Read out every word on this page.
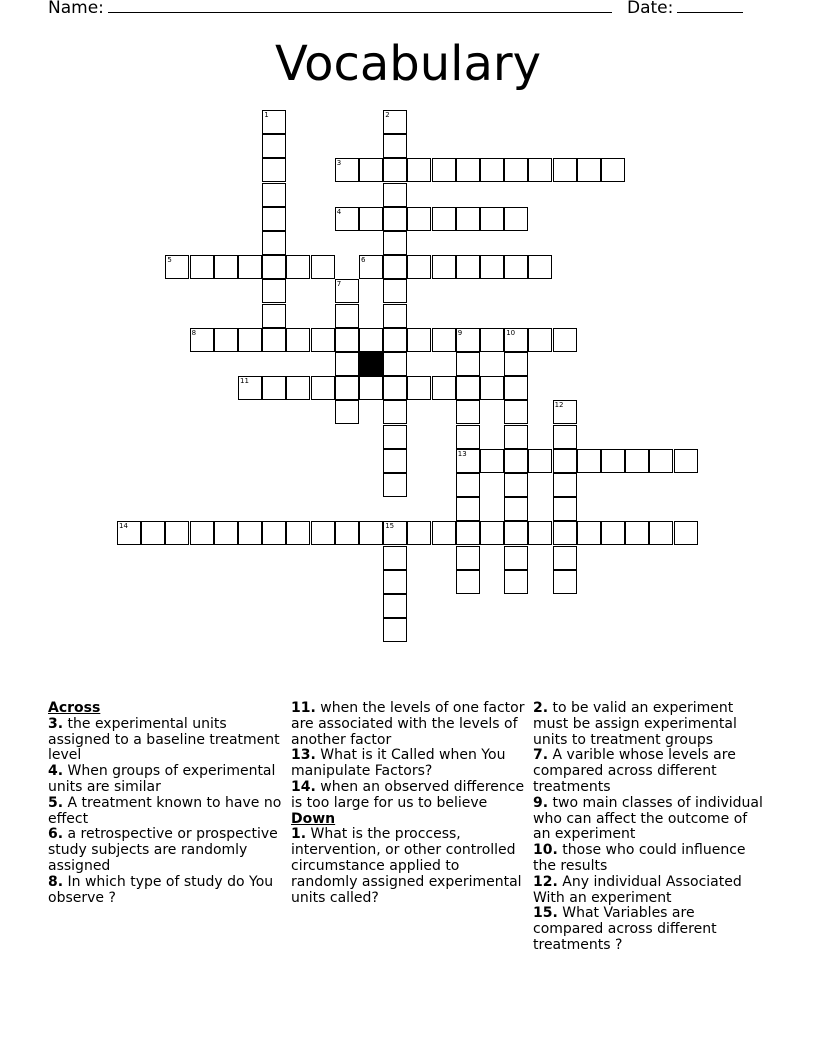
Name:	Date:
Vocabulary
1	2
3
4
5	6
7
8	9	10
13
11
12
14	15
Across
3. the experimental units assigned to a baseline treatment level
4. When groups of experimental units are similar
5. A treatment known to have no effect
6. a retrospective or prospective study subjects are randomly assigned
8. In which type of study do You observe ?
11. when the levels of one factor are associated with the levels of another factor
13. What is it Called when You manipulate Factors?
14. when an observed difference is too large for us to believe
Down
1. What is the proccess, intervention, or other controlled circumstance applied to randomly assigned experimental units called?
2. to be valid an experiment must be assign experimental units to treatment groups
7. A varible whose levels are compared across different treatments
9. two main classes of individual who can affect the outcome of an experiment
10. those who could influence the results
12. Any individual Associated With an experiment
15. What Variables are compared across different treatments ?
